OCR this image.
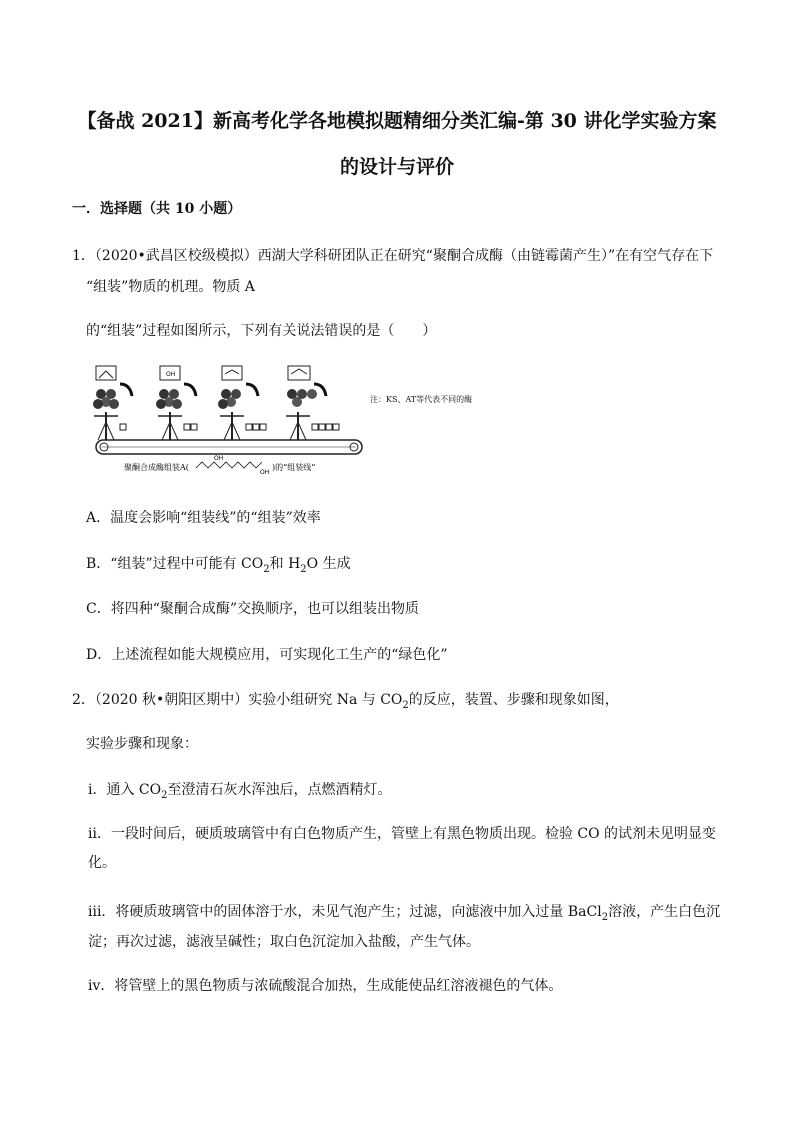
【备战 2021】新高考化学各地模拟题精细分类汇编-第 30 讲化学实验方案
的设计与评价
一．选择题（共 10 小题）
1．（2020•武昌区校级模拟）西湖大学科研团队正在研究“聚酮合成酶（由链霉菌产生）”在有空气存在下
“组装”物质的机理。物质 A
的“组装”过程如图所示，下列有关说法错误的是（　　）
OH
聚酮合成酶组装A(
OH
OH
)的“组装线”
注：KS、AT等代表不同的酶
A．温度会影响“组装线”的“组装”效率
B．“组装”过程中可能有 $CO_2$和 $H_2O$ 生成
C．将四种“聚酮合成酶”交换顺序，也可以组装出物质
D．上述流程如能大规模应用，可实现化工生产的“绿色化”
2．（2020 秋•朝阳区期中）实验小组研究 Na 与 $CO_2$的反应，装置、步骤和现象如图，
实验步骤和现象：
ⅰ．通入 $CO_2$至澄清石灰水浑浊后，点燃酒精灯。
ⅱ．一段时间后，硬质玻璃管中有白色物质产生，管壁上有黑色物质出现。检验 CO 的试剂未见明显变
化。
ⅲ．将硬质玻璃管中的固体溶于水，未见气泡产生；过滤，向滤液中加入过量 BaCl$_2$溶液，产生白色沉
淀；再次过滤，滤液呈碱性；取白色沉淀加入盐酸，产生气体。
ⅳ．将管壁上的黑色物质与浓硫酸混合加热，生成能使品红溶液褪色的气体。
